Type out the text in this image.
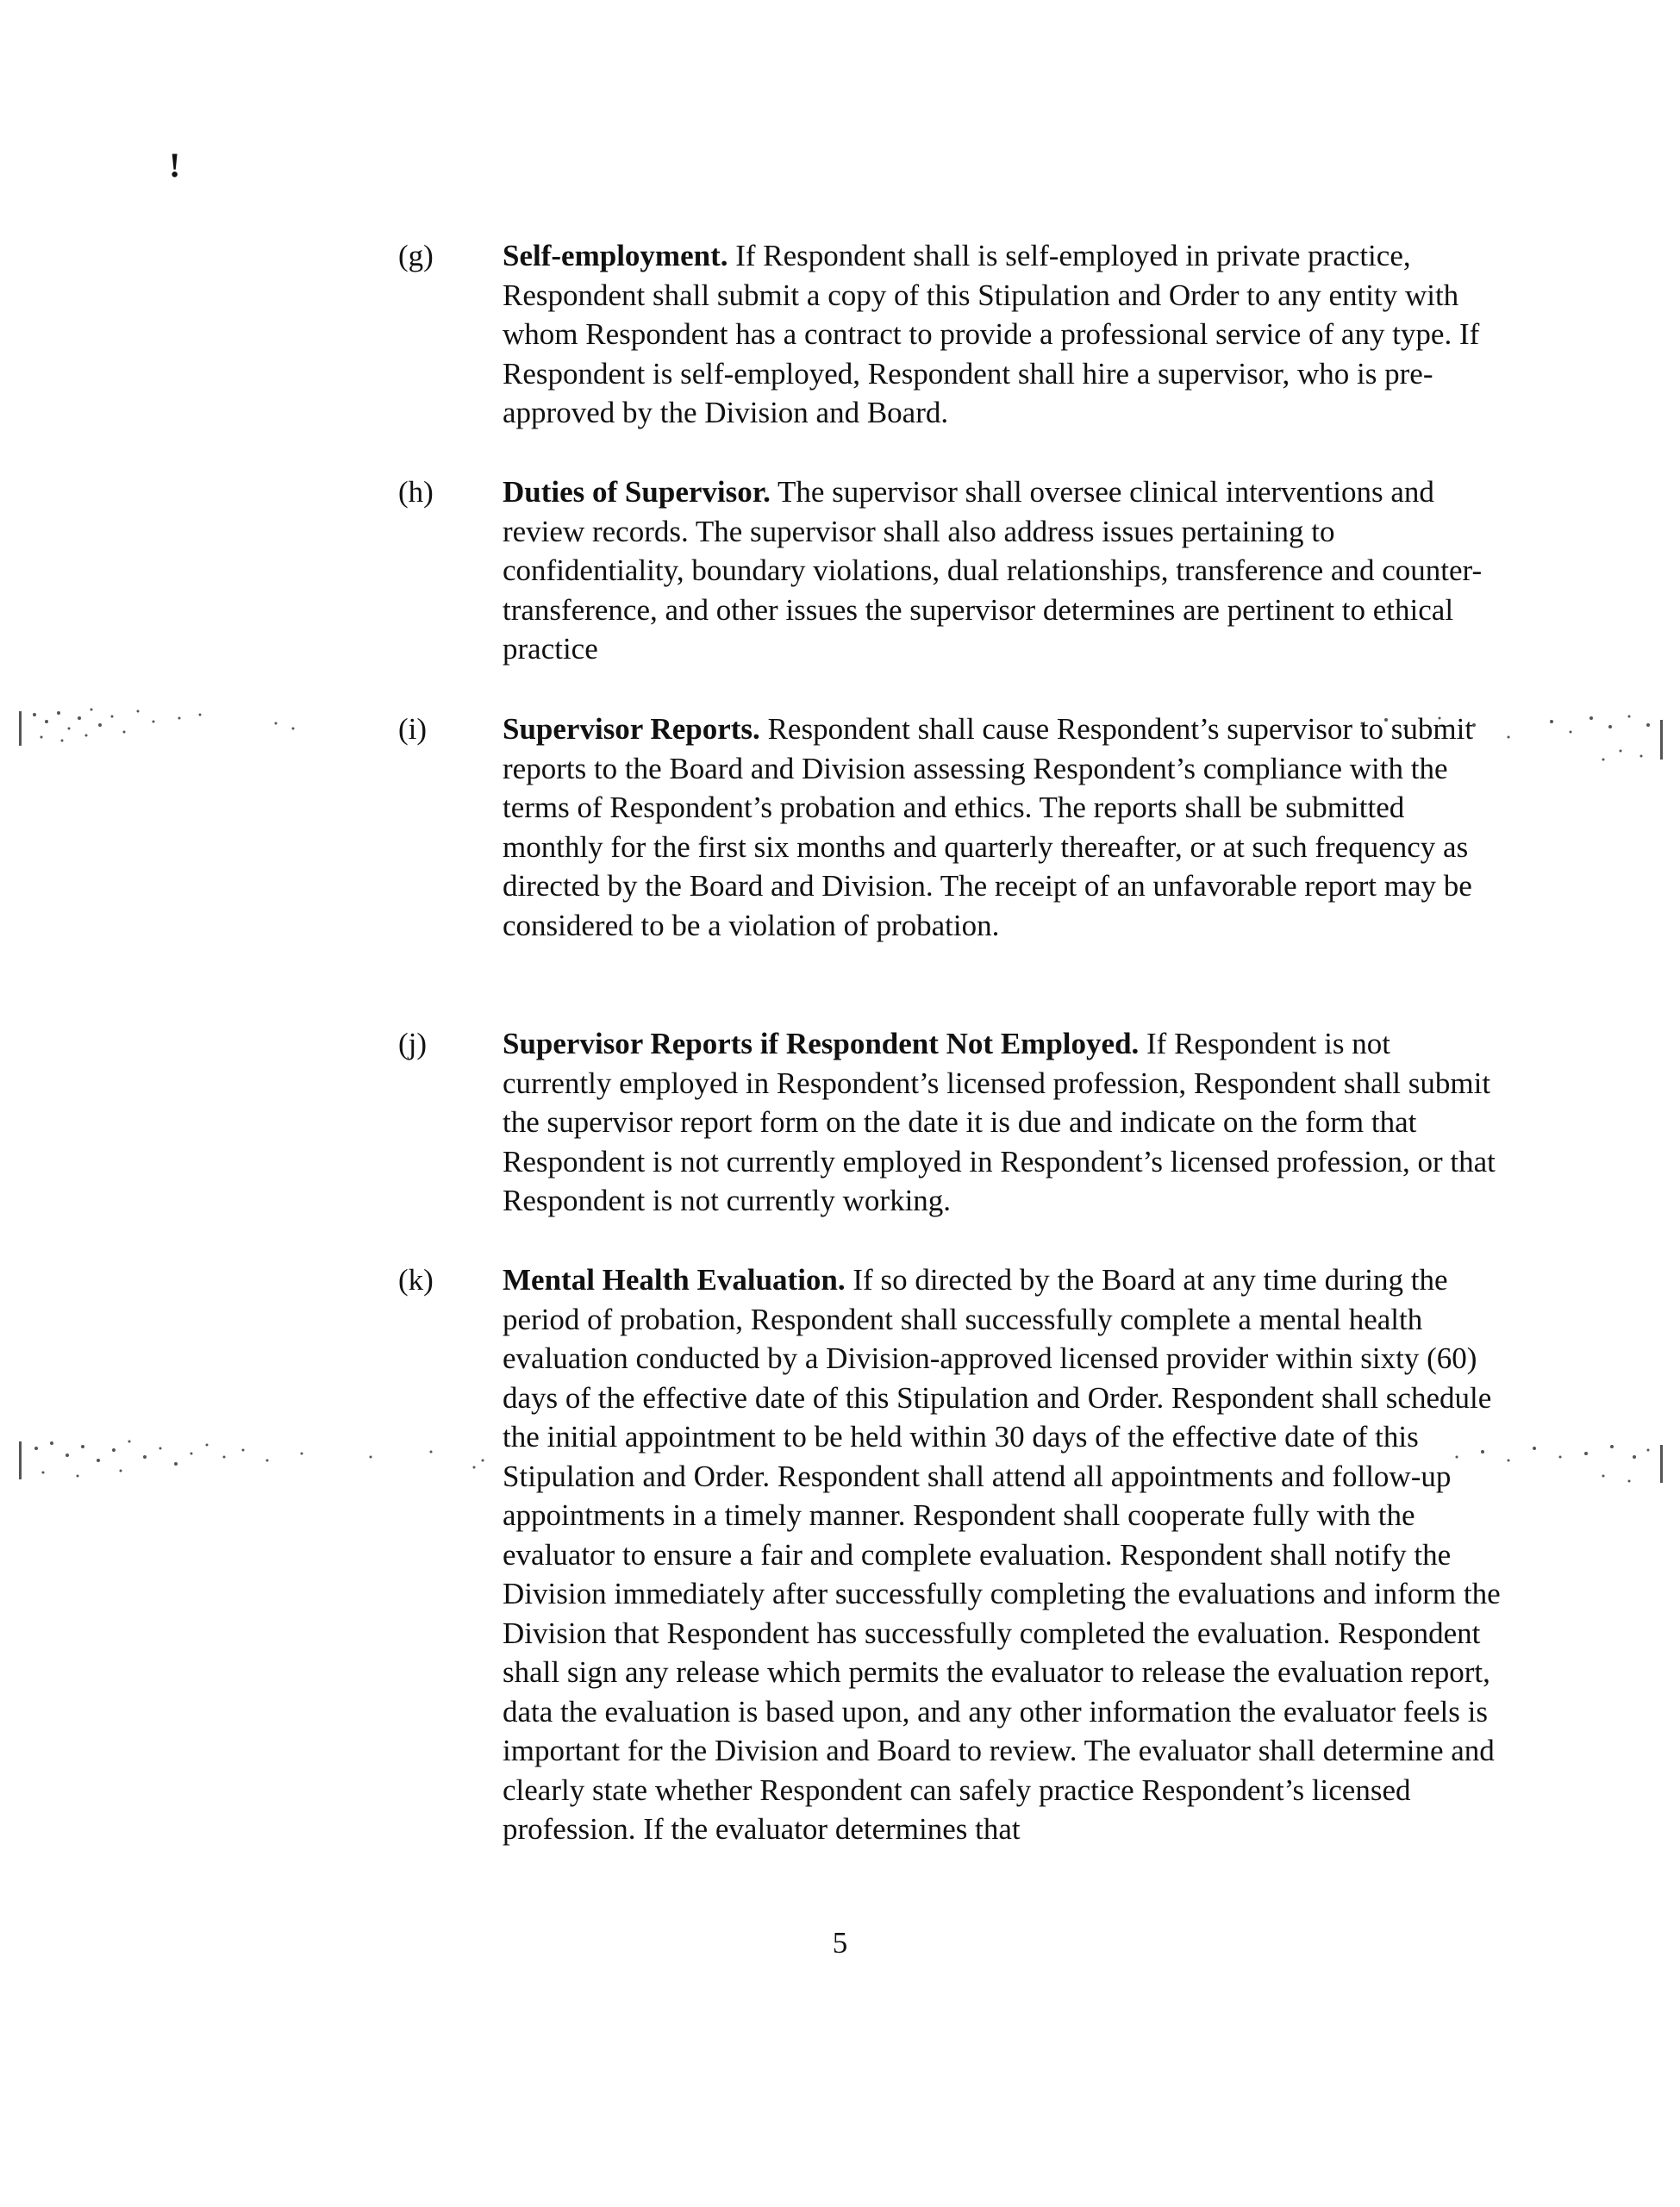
!
(g) Self-employment. If Respondent shall is self-employed in private practice, Respondent shall submit a copy of this Stipulation and Order to any entity with whom Respondent has a contract to provide a professional service of any type. If Respondent is self-employed, Respondent shall hire a supervisor, who is pre-approved by the Division and Board.
(h) Duties of Supervisor. The supervisor shall oversee clinical interventions and review records. The supervisor shall also address issues pertaining to confidentiality, boundary violations, dual relationships, transference and counter-transference, and other issues the supervisor determines are pertinent to ethical practice
(i)	Supervisor Reports. Respondent shall cause Respondent’s supervisor to submit reports to the Board and Division assessing Respondent’s compliance with the terms of Respondent’s probation and ethics. The reports shall be submitted monthly for the first six months and quarterly thereafter, or at such frequency as directed by the Board and Division. The receipt of an unfavorable report may be considered to be a violation of probation.
(j)	Supervisor Reports if Respondent Not Employed. If Respondent is not currently employed in Respondent’s licensed profession, Respondent shall submit the supervisor report form on the date it is due and indicate on the form that Respondent is not currently employed in Respondent’s licensed profession, or that Respondent is not currently working.
(k) Mental Health Evaluation. If so directed by the Board at any time during the period of probation, Respondent shall successfully complete a mental health evaluation conducted by a Division-approved licensed provider within sixty (60) days of the effective date of this Stipulation and Order. Respondent shall schedule the initial appointment to be held within 30 days of the effective date of this Stipulation and Order. Respondent shall attend all appointments and follow-up appointments in a timely manner. Respondent shall cooperate fully with the evaluator to ensure a fair and complete evaluation. Respondent shall notify the Division immediately after successfully completing the evaluations and inform the Division that Respondent has successfully completed the evaluation. Respondent shall sign any release which permits the evaluator to release the evaluation report, data the evaluation is based upon, and any other information the evaluator feels is important for the Division and Board to review. The evaluator shall determine and clearly state whether Respondent can safely practice Respondent’s licensed profession. If the evaluator determines that
5
